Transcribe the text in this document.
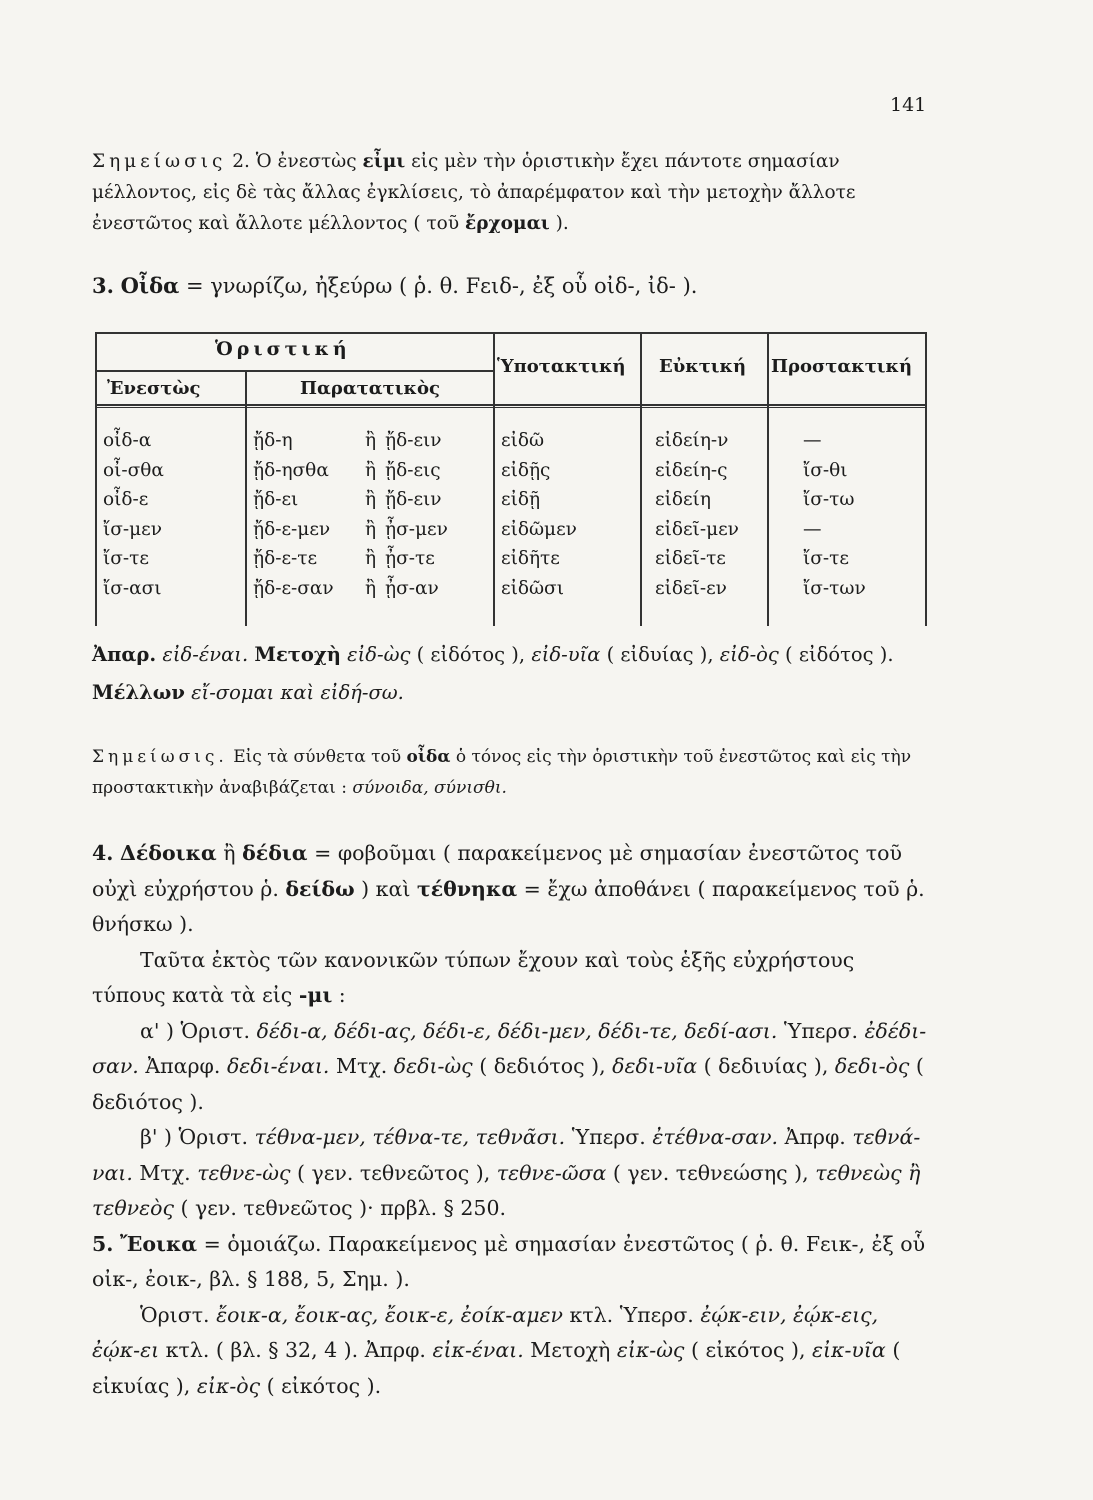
141
Σημείωσις 2. Ὁ ἐνεστὼς εἶμι εἰς μὲν τὴν ὁριστικὴν ἔχει πάντοτε σημασίαν μέλλοντος, εἰς δὲ τὰς ἄλλας ἐγκλίσεις, τὸ ἀπαρέμφατον καὶ τὴν μετοχὴν ἄλλοτε ἐνεστῶτος καὶ ἄλλοτε μέλλοντος ( τοῦ ἔρχομαι ).
3. Οἶδα = γνωρίζω, ἠξεύρω ( ῥ. θ. Fειδ-, ἐξ οὗ οἰδ-, ἰδ- ).
Ὁριστική
Ἐνεστὼς	Παρατατικὸς
Ὑποτακτική Εὐκτική Προστακτική
οἶδ-α	ᾔδ-η	ἢ ᾔδ-ειν	εἰδῶ	εἰδείη-ν	—
οἶ-σθα	ᾔδ-ησθα ἢ ᾔδ-εις	εἰδῇς	εἰδείη-ς	ἴσ-θι
οἶδ-ε	ᾔδ-ει	ἢ ᾔδ-ειν	εἰδῇ	εἰδείη	ἴσ-τω
ἴσ-μεν	ᾔδ-ε-μεν ἢ ᾖσ-μεν	εἰδῶμεν	εἰδεῖ-μεν	—
ἴσ-τε	ᾔδ-ε-τε	ἢ ᾖσ-τε	εἰδῆτε	εἰδεῖ-τε	ἴσ-τε
ἴσ-ασι	ᾔδ-ε-σαν ἢ ᾖσ-αν	εἰδῶσι	εἰδεῖ-εν	ἴσ-των
Ἀπαρ. εἰδ-έναι. Μετοχὴ εἰδ-ὼς ( εἰδότος ), εἰδ-υῖα ( εἰδυίας ), εἰδ-ὸς ( εἰδότος ). Μέλλων εἴ-σομαι καὶ εἰδή-σω.
Σημείωσις. Εἰς τὰ σύνθετα τοῦ οἶδα ὁ τόνος εἰς τὴν ὁριστικὴν τοῦ ἐνεστῶτος καὶ εἰς τὴν προστακτικὴν ἀναβιβάζεται : σύνοιδα, σύνισθι.
4. Δέδοικα ἢ δέδια = φοβοῦμαι ( παρακείμενος μὲ σημασίαν ἐνεστῶτος τοῦ οὐχὶ εὐχρήστου ῥ. δείδω ) καὶ τέθνηκα = ἔχω ἀποθάνει ( παρακείμενος τοῦ ῥ. θνήσκω ).
Ταῦτα ἐκτὸς τῶν κανονικῶν τύπων ἔχουν καὶ τοὺς ἑξῆς εὐχρήστους τύπους κατὰ τὰ εἰς -μι :
α' ) Ὁριστ. δέδι-α, δέδι-ας, δέδι-ε, δέδι-μεν, δέδι-τε, δεδί-ασι. Ὑπερσ. ἐδέδι-σαν. Ἀπαρφ. δεδι-έναι. Μτχ. δεδι-ὼς ( δεδιότος ), δεδι-υῖα ( δεδιυίας ), δεδι-ὸς ( δεδιότος ).
β' ) Ὁριστ. τέθνα-μεν, τέθνα-τε, τεθνᾶσι. Ὑπερσ. ἐτέθνα-σαν. Ἀπρφ. τεθνά-ναι. Μτχ. τεθνε-ὼς ( γεν. τεθνεῶτος ), τεθνε-ῶσα ( γεν. τεθνεώσης ), τεθνεὼς ἢ τεθνεὸς ( γεν. τεθνεῶτος )· πρβλ. § 250.
5. Ἔοικα = ὁμοιάζω. Παρακείμενος μὲ σημασίαν ἐνεστῶτος ( ῥ. θ. Fεικ-, ἐξ οὗ οἰκ-, ἐοικ-, βλ. § 188, 5, Σημ. ).
Ὁριστ. ἔοικ-α, ἔοικ-ας, ἔοικ-ε, ἐοίκ-αμεν κτλ. Ὑπερσ. ἐῴκ-ειν, ἐῴκ-εις, ἐῴκ-ει κτλ. ( βλ. § 32, 4 ). Ἀπρφ. εἰκ-έναι. Μετοχὴ εἰκ-ὼς ( εἰκότος ), εἰκ-υῖα ( εἰκυίας ), εἰκ-ὸς ( εἰκότος ).
